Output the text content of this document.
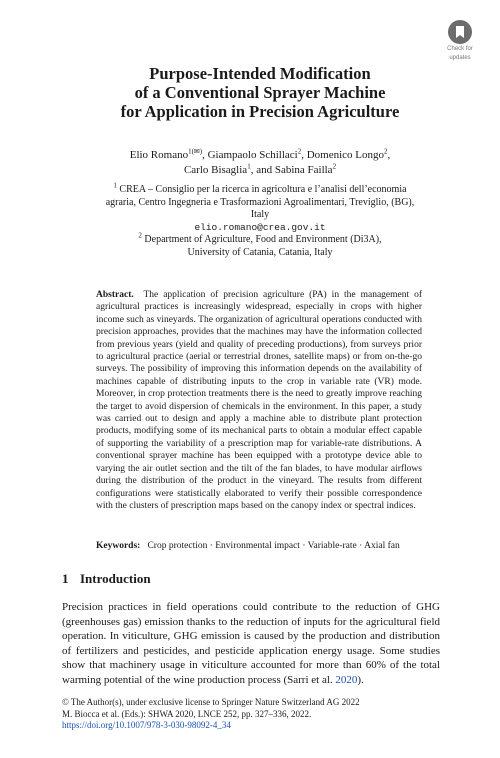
Check for
updates
Purpose-Intended Modification
of a Conventional Sprayer Machine
for Application in Precision Agriculture
Elio Romano$^{1(✉)}$, Giampaolo Schillaci$^2$, Domenico Longo$^2$,
Carlo Bisaglia$^1$, and Sabina Failla$^2$
$^1$ CREA – Consiglio per la ricerca in agricoltura e l’analisi dell’economia
agraria, Centro Ingegneria e Trasformazioni Agroalimentari, Treviglio, (BG),
Italy
elio.romano@crea.gov.it
$^2$ Department of Agriculture, Food and Environment (Di3A),
University of Catania, Catania, Italy
Abstract. The application of precision agriculture (PA) in the management of agricultural practices is increasingly widespread, especially in crops with higher income such as vineyards. The organization of agricultural operations conducted with precision approaches, provides that the machines may have the information collected from previous years (yield and quality of preceding productions), from surveys prior to agricultural practice (aerial or terrestrial drones, satellite maps) or from on-the-go surveys. The possibility of improving this information depends on the availability of machines capable of distributing inputs to the crop in variable rate (VR) mode. Moreover, in crop protection treatments there is the need to greatly improve reaching the target to avoid dispersion of chemicals in the environment. In this paper, a study was carried out to design and apply a machine able to distribute plant protection products, modifying some of its mechanical parts to obtain a modular effect capable of supporting the variability of a prescription map for variable-rate distributions. A conventional sprayer machine has been equipped with a prototype device able to varying the air outlet section and the tilt of the fan blades, to have modular airflows during the distribution of the product in the vineyard. The results from different configurations were statistically elaborated to verify their possible correspondence with the clusters of prescription maps based on the canopy index or spectral indices.
Keywords: Crop protection · Environmental impact · Variable-rate · Axial fan
1 Introduction
Precision practices in field operations could contribute to the reduction of GHG (greenhouses gas) emission thanks to the reduction of inputs for the agricultural field operation. In viticulture, GHG emission is caused by the production and distribution of fertilizers and pesticides, and pesticide application energy usage. Some studies show that machinery usage in viticulture accounted for more than 60% of the total warming potential of the wine production process (Sarri et al. 2020).
© The Author(s), under exclusive license to Springer Nature Switzerland AG 2022
M. Biocca et al. (Eds.): SHWA 2020, LNCE 252, pp. 327–336, 2022.
https://doi.org/10.1007/978-3-030-98092-4_34
